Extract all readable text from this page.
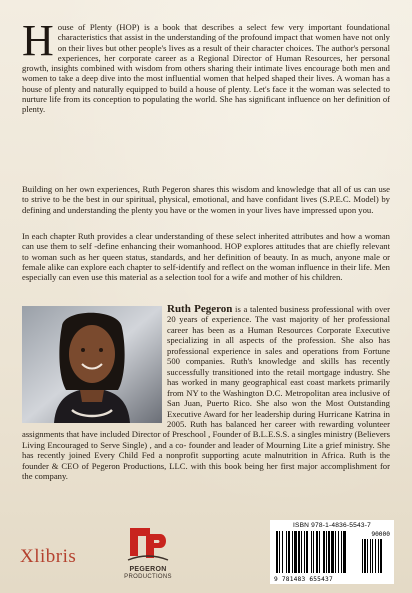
House of Plenty (HOP) is a book that describes a select few very important foundational characteristics that assist in the understanding of the profound impact that women have not only on their lives but other people's lives as a result of their character choices. The author's personal experiences, her corporate career as a Regional Director of Human Resources, her personal growth, insights combined with wisdom from others sharing their intimate lives encourage both men and women to take a deep dive into the most influential women that helped shaped their lives. A woman has a house of plenty and naturally equipped to build a house of plenty. Let's face it the woman was selected to nurture life from its conception to populating the world. She has significant influence on her definition of plenty.

Building on her own experiences, Ruth Pegeron shares this wisdom and knowledge that all of us can use to strive to be the best in our spiritual, physical, emotional, and have confidant lives (S.P.E.C. Model) by defining and understanding the plenty you have or the women in your lives have impressed upon you.

In each chapter Ruth provides a clear understanding of these select inherited attributes and how a woman can use them to self -define enhancing their womanhood. HOP explores attitudes that are chiefly relevant to woman such as her queen status, standards, and her definition of beauty. In as much, anyone male or female alike can explore each chapter to self-identify and reflect on the woman influence in their life. Men especially can even use this material as a selection tool for a wife and mother of his children.

Ruth Pegeron is a talented business professional with over 20 years of experience. The vast majority of her professional career has been as a Human Resources Corporate Executive specializing in all aspects of the profession. She also has professional experience in sales and operations from Fortune 500 companies. Ruth's knowledge and skills has recently successfully transitioned into the retail mortgage industry. She has worked in many geographical east coast markets primarily from NY to the Washington D.C. Metropolitan area inclusive of San Juan, Puerto Rico. She also won the Most Outstanding Executive Award for her leadership during Hurricane Katrina in 2005. Ruth has balanced her career with rewarding volunteer assignments that have included Director of Preschool , Founder of B.L.E.S.S. a singles ministry (Believers Living Encouraged to Serve Single) , and a co- founder and leader of Mourning Lite a grief ministry. She has recently joined Every Child Fed a nonprofit supporting acute malnutrition in Africa. Ruth is the founder & CEO of Pegeron Productions, LLC. with this book being her first major accomplishment for the company.
Xlibris
PEGERON
PRODUCTIONS
ISBN 978-1-4836-5543-7
90000
9 781483 655437
